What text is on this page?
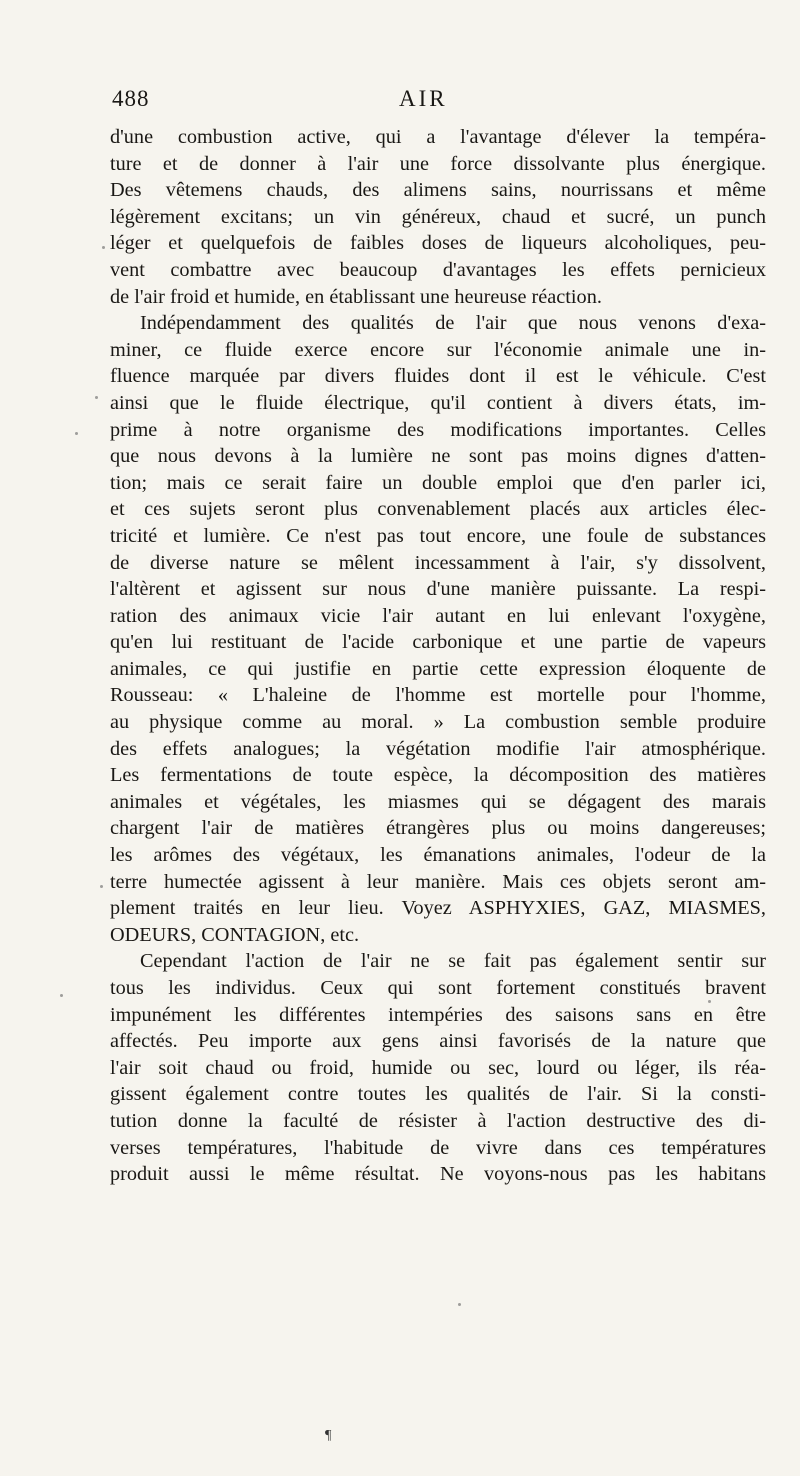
488	AIR
d'une combustion active, qui a l'avantage d'élever la tempéra-
ture et de donner à l'air une force dissolvante plus énergique.
Des vêtemens chauds, des alimens sains, nourrissans et même
légèrement excitans; un vin généreux, chaud et sucré, un punch
léger et quelquefois de faibles doses de liqueurs alcoholiques, peu-
vent combattre avec beaucoup d'avantages les effets pernicieux
de l'air froid et humide, en établissant une heureuse réaction.
Indépendamment des qualités de l'air que nous venons d'exa-
miner, ce fluide exerce encore sur l'économie animale une in-
fluence marquée par divers fluides dont il est le véhicule. C'est
ainsi que le fluide électrique, qu'il contient à divers états, im-
prime à notre organisme des modifications importantes. Celles
que nous devons à la lumière ne sont pas moins dignes d'atten-
tion; mais ce serait faire un double emploi que d'en parler ici,
et ces sujets seront plus convenablement placés aux articles élec-
tricité et lumière. Ce n'est pas tout encore, une foule de substances
de diverse nature se mêlent incessamment à l'air, s'y dissolvent,
l'altèrent et agissent sur nous d'une manière puissante. La respi-
ration des animaux vicie l'air autant en lui enlevant l'oxygène,
qu'en lui restituant de l'acide carbonique et une partie de vapeurs
animales, ce qui justifie en partie cette expression éloquente de
Rousseau: « L'haleine de l'homme est mortelle pour l'homme,
au physique comme au moral. » La combustion semble produire
des effets analogues; la végétation modifie l'air atmosphérique.
Les fermentations de toute espèce, la décomposition des matières
animales et végétales, les miasmes qui se dégagent des marais
chargent l'air de matières étrangères plus ou moins dangereuses;
les arômes des végétaux, les émanations animales, l'odeur de la
terre humectée agissent à leur manière. Mais ces objets seront am-
plement traités en leur lieu. Voyez ASPHYXIES, GAZ, MIASMES,
ODEURS, CONTAGION, etc.
Cependant l'action de l'air ne se fait pas également sentir sur
tous les individus. Ceux qui sont fortement constitués bravent
impunément les différentes intempéries des saisons sans en être
affectés. Peu importe aux gens ainsi favorisés de la nature que
l'air soit chaud ou froid, humide ou sec, lourd ou léger, ils réa-
gissent également contre toutes les qualités de l'air. Si la consti-
tution donne la faculté de résister à l'action destructive des di-
verses températures, l'habitude de vivre dans ces températures
produit aussi le même résultat. Ne voyons-nous pas les habitans
¶
